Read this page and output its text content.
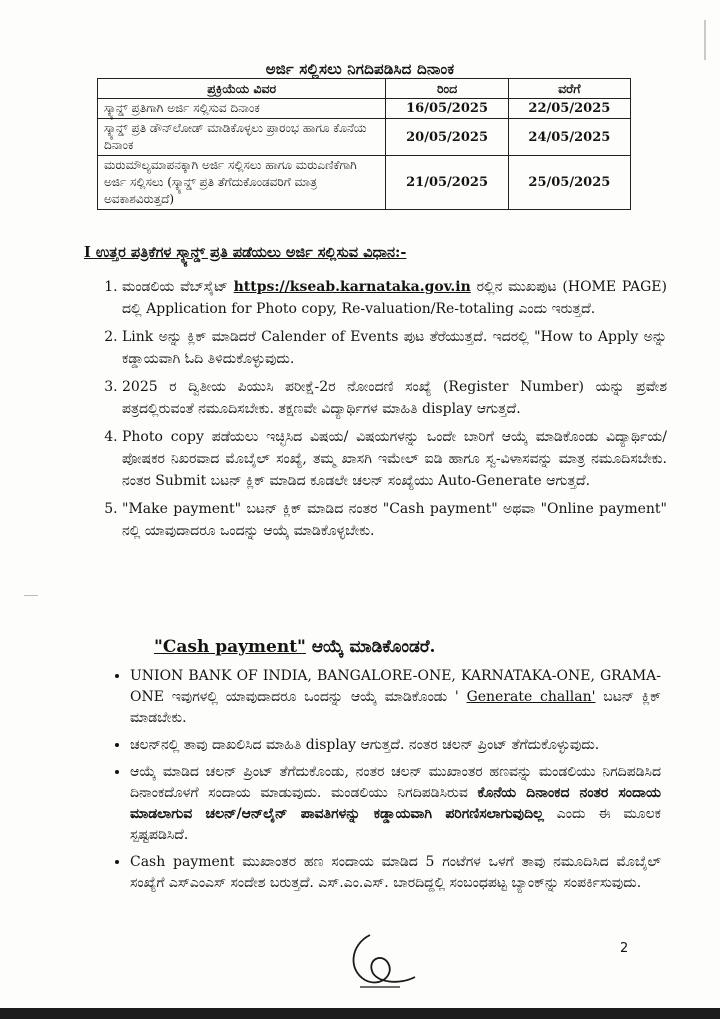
ಅರ್ಜಿ ಸಲ್ಲಿಸಲು ನಿಗದಿಪಡಿಸಿದ ದಿನಾಂಕ
ಪ್ರಕ್ರಿಯೆಯ ವಿವರ	ರಿಂದ	ವರೆಗೆ
ಸ್ಕ್ಯಾನ್ಡ್ ಪ್ರತಿಗಾಗಿ ಅರ್ಜಿ ಸಲ್ಲಿಸುವ ದಿನಾಂಕ	16/05/2025	22/05/2025
ಸ್ಕ್ಯಾನ್ಡ್ ಪ್ರತಿ ಡೌನ್‌ಲೋಡ್ ಮಾಡಿಕೊಳ್ಳಲು ಪ್ರಾರಂಭ ಹಾಗೂ ಕೊನೆಯ ದಿನಾಂಕ	20/05/2025	24/05/2025
ಮರುಮೌಲ್ಯಮಾಪನಕ್ಕಾಗಿ ಅರ್ಜಿ ಸಲ್ಲಿಸಲು ಹಾಗೂ ಮರುಎಣಿಕೆಗಾಗಿ ಅರ್ಜಿ ಸಲ್ಲಿಸಲು (ಸ್ಕ್ಯಾನ್ಡ್ ಪ್ರತಿ ತೆಗೆದುಕೊಂಡವರಿಗೆ ಮಾತ್ರ ಅವಕಾಶವಿರುತ್ತದೆ)	21/05/2025	25/05/2025
I ಉತ್ತರ ಪತ್ರಿಕೆಗಳ ಸ್ಕ್ಯಾನ್ಡ್ ಪ್ರತಿ ಪಡೆಯಲು ಅರ್ಜಿ ಸಲ್ಲಿಸುವ ವಿಧಾನ:-
1. ಮಂಡಲಿಯ ವೆಬ್‌ಸೈಟ್ https://kseab.karnataka.gov.in ರಲ್ಲಿನ ಮುಖಪುಟ (HOME PAGE) ದಲ್ಲಿ Application for Photo copy, Re-valuation/Re-totaling ಎಂದು ಇರುತ್ತದೆ.
2. Link ಅನ್ನು ಕ್ಲಿಕ್ ಮಾಡಿದರೆ Calender of Events ಪುಟ ತೆರೆಯುತ್ತದೆ. ಇದರಲ್ಲಿ "How to Apply ಅನ್ನು ಕಡ್ಡಾಯವಾಗಿ ಓದಿ ತಿಳಿದುಕೊಳ್ಳುವುದು.
3. 2025 ರ ದ್ವಿತೀಯ ಪಿಯುಸಿ ಪರೀಕ್ಷೆ-2ರ ನೋಂದಣಿ ಸಂಖ್ಯೆ (Register Number) ಯನ್ನು ಪ್ರವೇಶ ಪತ್ರದಲ್ಲಿರುವಂತೆ ನಮೂದಿಸಬೇಕು. ತಕ್ಷಣವೇ ವಿದ್ಯಾರ್ಥಿಗಳ ಮಾಹಿತಿ display ಆಗುತ್ತದೆ.
4. Photo copy ಪಡೆಯಲು ಇಚ್ಛಿಸಿದ ವಿಷಯ/ ವಿಷಯಗಳನ್ನು ಒಂದೇ ಬಾರಿಗೆ ಆಯ್ಕೆ ಮಾಡಿಕೊಂಡು ವಿದ್ಯಾರ್ಥಿಯ/ಪೋಷಕರ ನಿಖರವಾದ ಮೊಬೈಲ್ ಸಂಖ್ಯೆ, ತಮ್ಮ ಖಾಸಗಿ ಇಮೇಲ್ ಐಡಿ ಹಾಗೂ ಸ್ವ-ವಿಳಾಸವನ್ನು ಮಾತ್ರ ನಮೂದಿಸಬೇಕು. ನಂತರ Submit ಬಟನ್ ಕ್ಲಿಕ್ ಮಾಡಿದ ಕೂಡಲೇ ಚಲನ್ ಸಂಖ್ಯೆಯು Auto-Generate ಆಗುತ್ತದೆ.
5. "Make payment" ಬಟನ್ ಕ್ಲಿಕ್ ಮಾಡಿದ ನಂತರ "Cash payment" ಅಥವಾ "Online payment" ನಲ್ಲಿ ಯಾವುದಾದರೂ ಒಂದನ್ನು ಆಯ್ಕೆ ಮಾಡಿಕೊಳ್ಳಬೇಕು.
"Cash payment" ಆಯ್ಕೆ ಮಾಡಿಕೊಂಡರೆ.
• UNION BANK OF INDIA, BANGALORE-ONE, KARNATAKA-ONE, GRAMA-ONE ಇವುಗಳಲ್ಲಿ ಯಾವುದಾದರೂ ಒಂದನ್ನು ಆಯ್ಕೆ ಮಾಡಿಕೊಂಡು ' Generate challan' ಬಟನ್ ಕ್ಲಿಕ್ ಮಾಡಬೇಕು.
• ಚಲನ್‌ನಲ್ಲಿ ತಾವು ದಾಖಲಿಸಿದ ಮಾಹಿತಿ display ಆಗುತ್ತದೆ. ನಂತರ ಚಲನ್ ಪ್ರಿಂಟ್ ತೆಗೆದುಕೊಳ್ಳುವುದು.
• ಆಯ್ಕೆ ಮಾಡಿದ ಚಲನ್ ಪ್ರಿಂಟ್ ತೆಗೆದುಕೊಂಡು, ನಂತರ ಚಲನ್ ಮುಖಾಂತರ ಹಣವನ್ನು ಮಂಡಲಿಯು ನಿಗದಿಪಡಿಸಿದ ದಿನಾಂಕದೊಳಗೆ ಸಂದಾಯ ಮಾಡುವುದು. ಮಂಡಲಿಯು ನಿಗದಿಪಡಿಸಿರುವ ಕೊನೆಯ ದಿನಾಂಕದ ನಂತರ ಸಂದಾಯ ಮಾಡಲಾಗುವ ಚಲನ್/ಆನ್‌ಲೈನ್ ಪಾವತಿಗಳನ್ನು ಕಡ್ಡಾಯವಾಗಿ ಪರಿಗಣಿಸಲಾಗುವುದಿಲ್ಲ ಎಂದು ಈ ಮೂಲಕ ಸ್ಪಷ್ಟಪಡಿಸಿದೆ.
• Cash payment ಮುಖಾಂತರ ಹಣ ಸಂದಾಯ ಮಾಡಿದ 5 ಗಂಟೆಗಳ ಒಳಗೆ ತಾವು ನಮೂದಿಸಿದ ಮೊಬೈಲ್ ಸಂಖ್ಯೆಗೆ ಎಸ್‌ಎಂಎಸ್ ಸಂದೇಶ ಬರುತ್ತದೆ. ಎಸ್.ಎಂ.ಎಸ್. ಬಾರದಿದ್ದಲ್ಲಿ ಸಂಬಂಧಪಟ್ಟ ಬ್ಯಾಂಕ್‌ನ್ನು ಸಂಪರ್ಕಿಸುವುದು.
2
